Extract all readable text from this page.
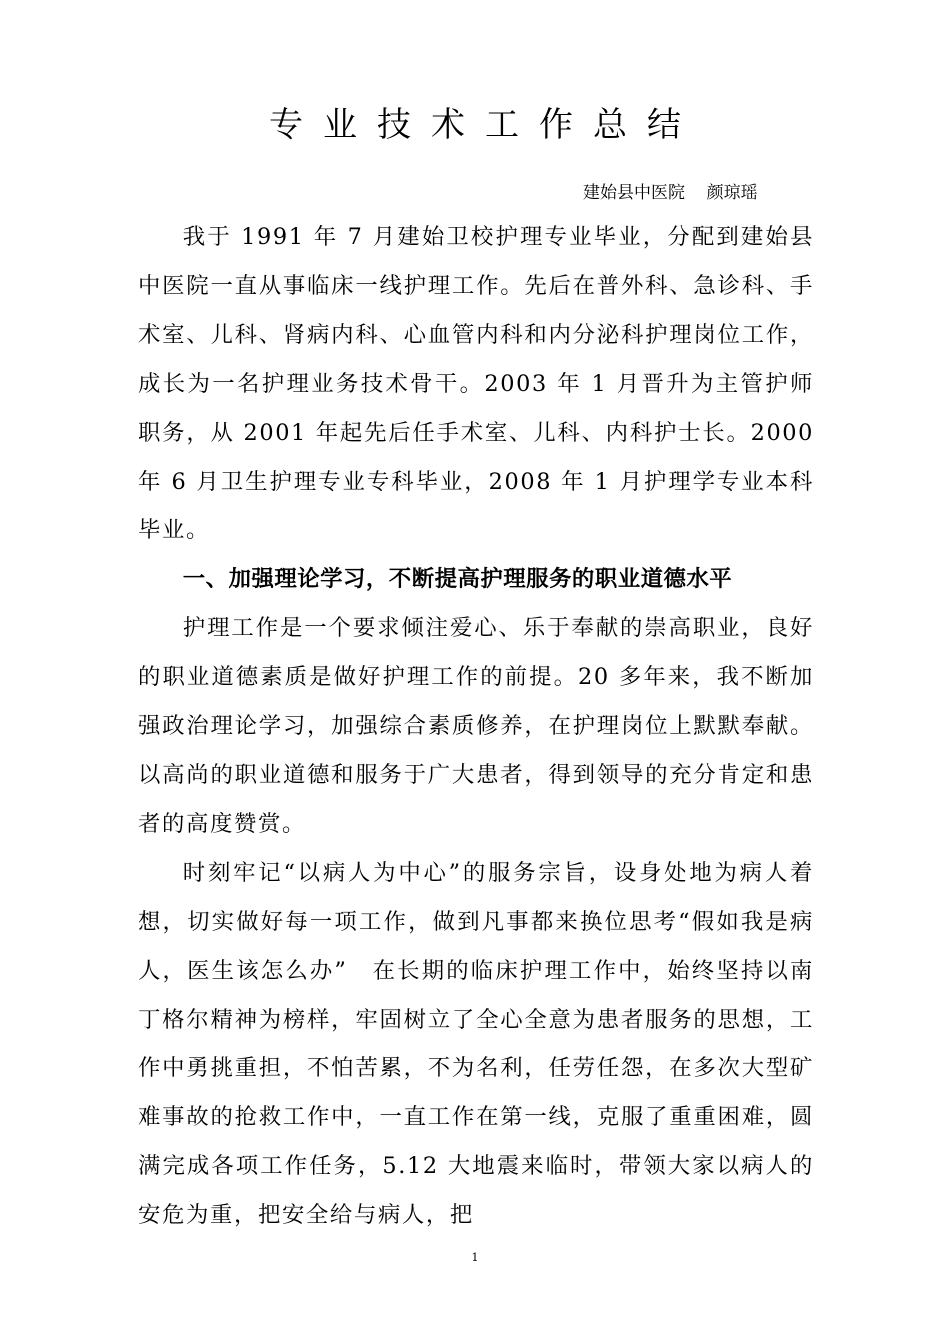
专业技术工作总结
建始县中医院    颜琼瑶

我于 1991 年 7 月建始卫校护理专业毕业，分配到建始县中医院一直从事临床一线护理工作。先后在普外科、急诊科、手术室、儿科、肾病内科、心血管内科和内分泌科护理岗位工作，成长为一名护理业务技术骨干。2003 年 1 月晋升为主管护师职务，从 2001 年起先后任手术室、儿科、内科护士长。2000 年 6 月卫生护理专业专科毕业，2008 年 1 月护理学专业本科毕业。

一、加强理论学习，不断提高护理服务的职业道德水平

护理工作是一个要求倾注爱心、乐于奉献的崇高职业，良好的职业道德素质是做好护理工作的前提。20 多年来，我不断加强政治理论学习，加强综合素质修养，在护理岗位上默默奉献。以高尚的职业道德和服务于广大患者，得到领导的充分肯定和患者的高度赞赏。

时刻牢记“以病人为中心”的服务宗旨，设身处地为病人着想，切实做好每一项工作，做到凡事都来换位思考“假如我是病人，医生该怎么办”　在长期的临床护理工作中，始终坚持以南丁格尔精神为榜样，牢固树立了全心全意为患者服务的思想，工作中勇挑重担，不怕苦累，不为名利，任劳任怨，在多次大型矿难事故的抢救工作中，一直工作在第一线，克服了重重困难，圆满完成各项工作任务，5.12 大地震来临时，带领大家以病人的安危为重，把安全给与病人，把

1
